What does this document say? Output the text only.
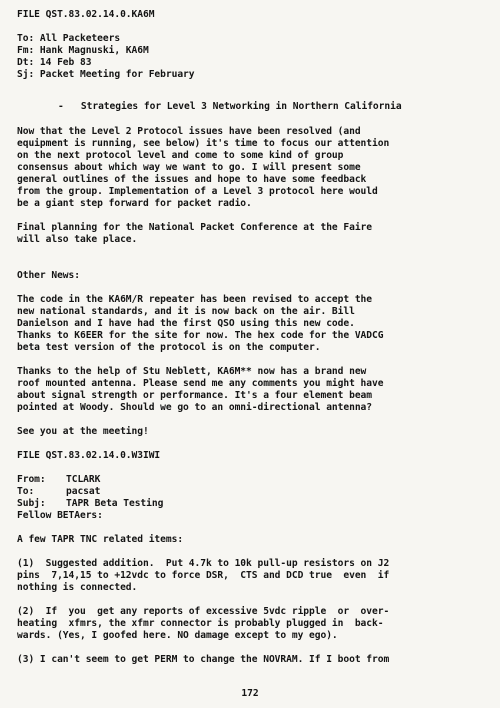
FILE QST.83.02.14.0.KA6M
To: All Packeteers
Fm: Hank Magnuski, KA6M
Dt: 14 Feb 83
Sj: Packet Meeting for February
-   Strategies for Level 3 Networking in Northern California
Now that the Level 2 Protocol issues have been resolved (and
equipment is running, see below) it's time to focus our attention
on the next protocol level and come to some kind of group
consensus about which way we want to go. I will present some
general outlines of the issues and hope to have some feedback
from the group. Implementation of a Level 3 protocol here would
be a giant step forward for packet radio.
Final planning for the National Packet Conference at the Faire
will also take place.
Other News:
The code in the KA6M/R repeater has been revised to accept the
new national standards, and it is now back on the air. Bill
Danielson and I have had the first QSO using this new code.
Thanks to K6EER for the site for now. The hex code for the VADCG
beta test version of the protocol is on the computer.
Thanks to the help of Stu Neblett, KA6M** now has a brand new
roof mounted antenna. Please send me any comments you might have
about signal strength or performance. It's a four element beam
pointed at Woody. Should we go to an omni-directional antenna?
See you at the meeting!
FILE QST.83.02.14.0.W3IWI
From:	TCLARK
To:	pacsat
Subj:	TAPR Beta Testing
Fellow BETAers:
A few TAPR TNC related items:
(1)  Suggested addition.  Put 4.7k to 10k pull-up resistors on J2
pins  7,14,15 to +12vdc to force DSR,  CTS and DCD true  even  if
nothing is connected.
(2)  If  you  get any reports of excessive 5vdc ripple  or  over-
heating  xfmrs, the xfmr connector is probably plugged in  back-
wards. (Yes, I goofed here. NO damage except to my ego).
(3) I can't seem to get PERM to change the NOVRAM. If I boot from
172
